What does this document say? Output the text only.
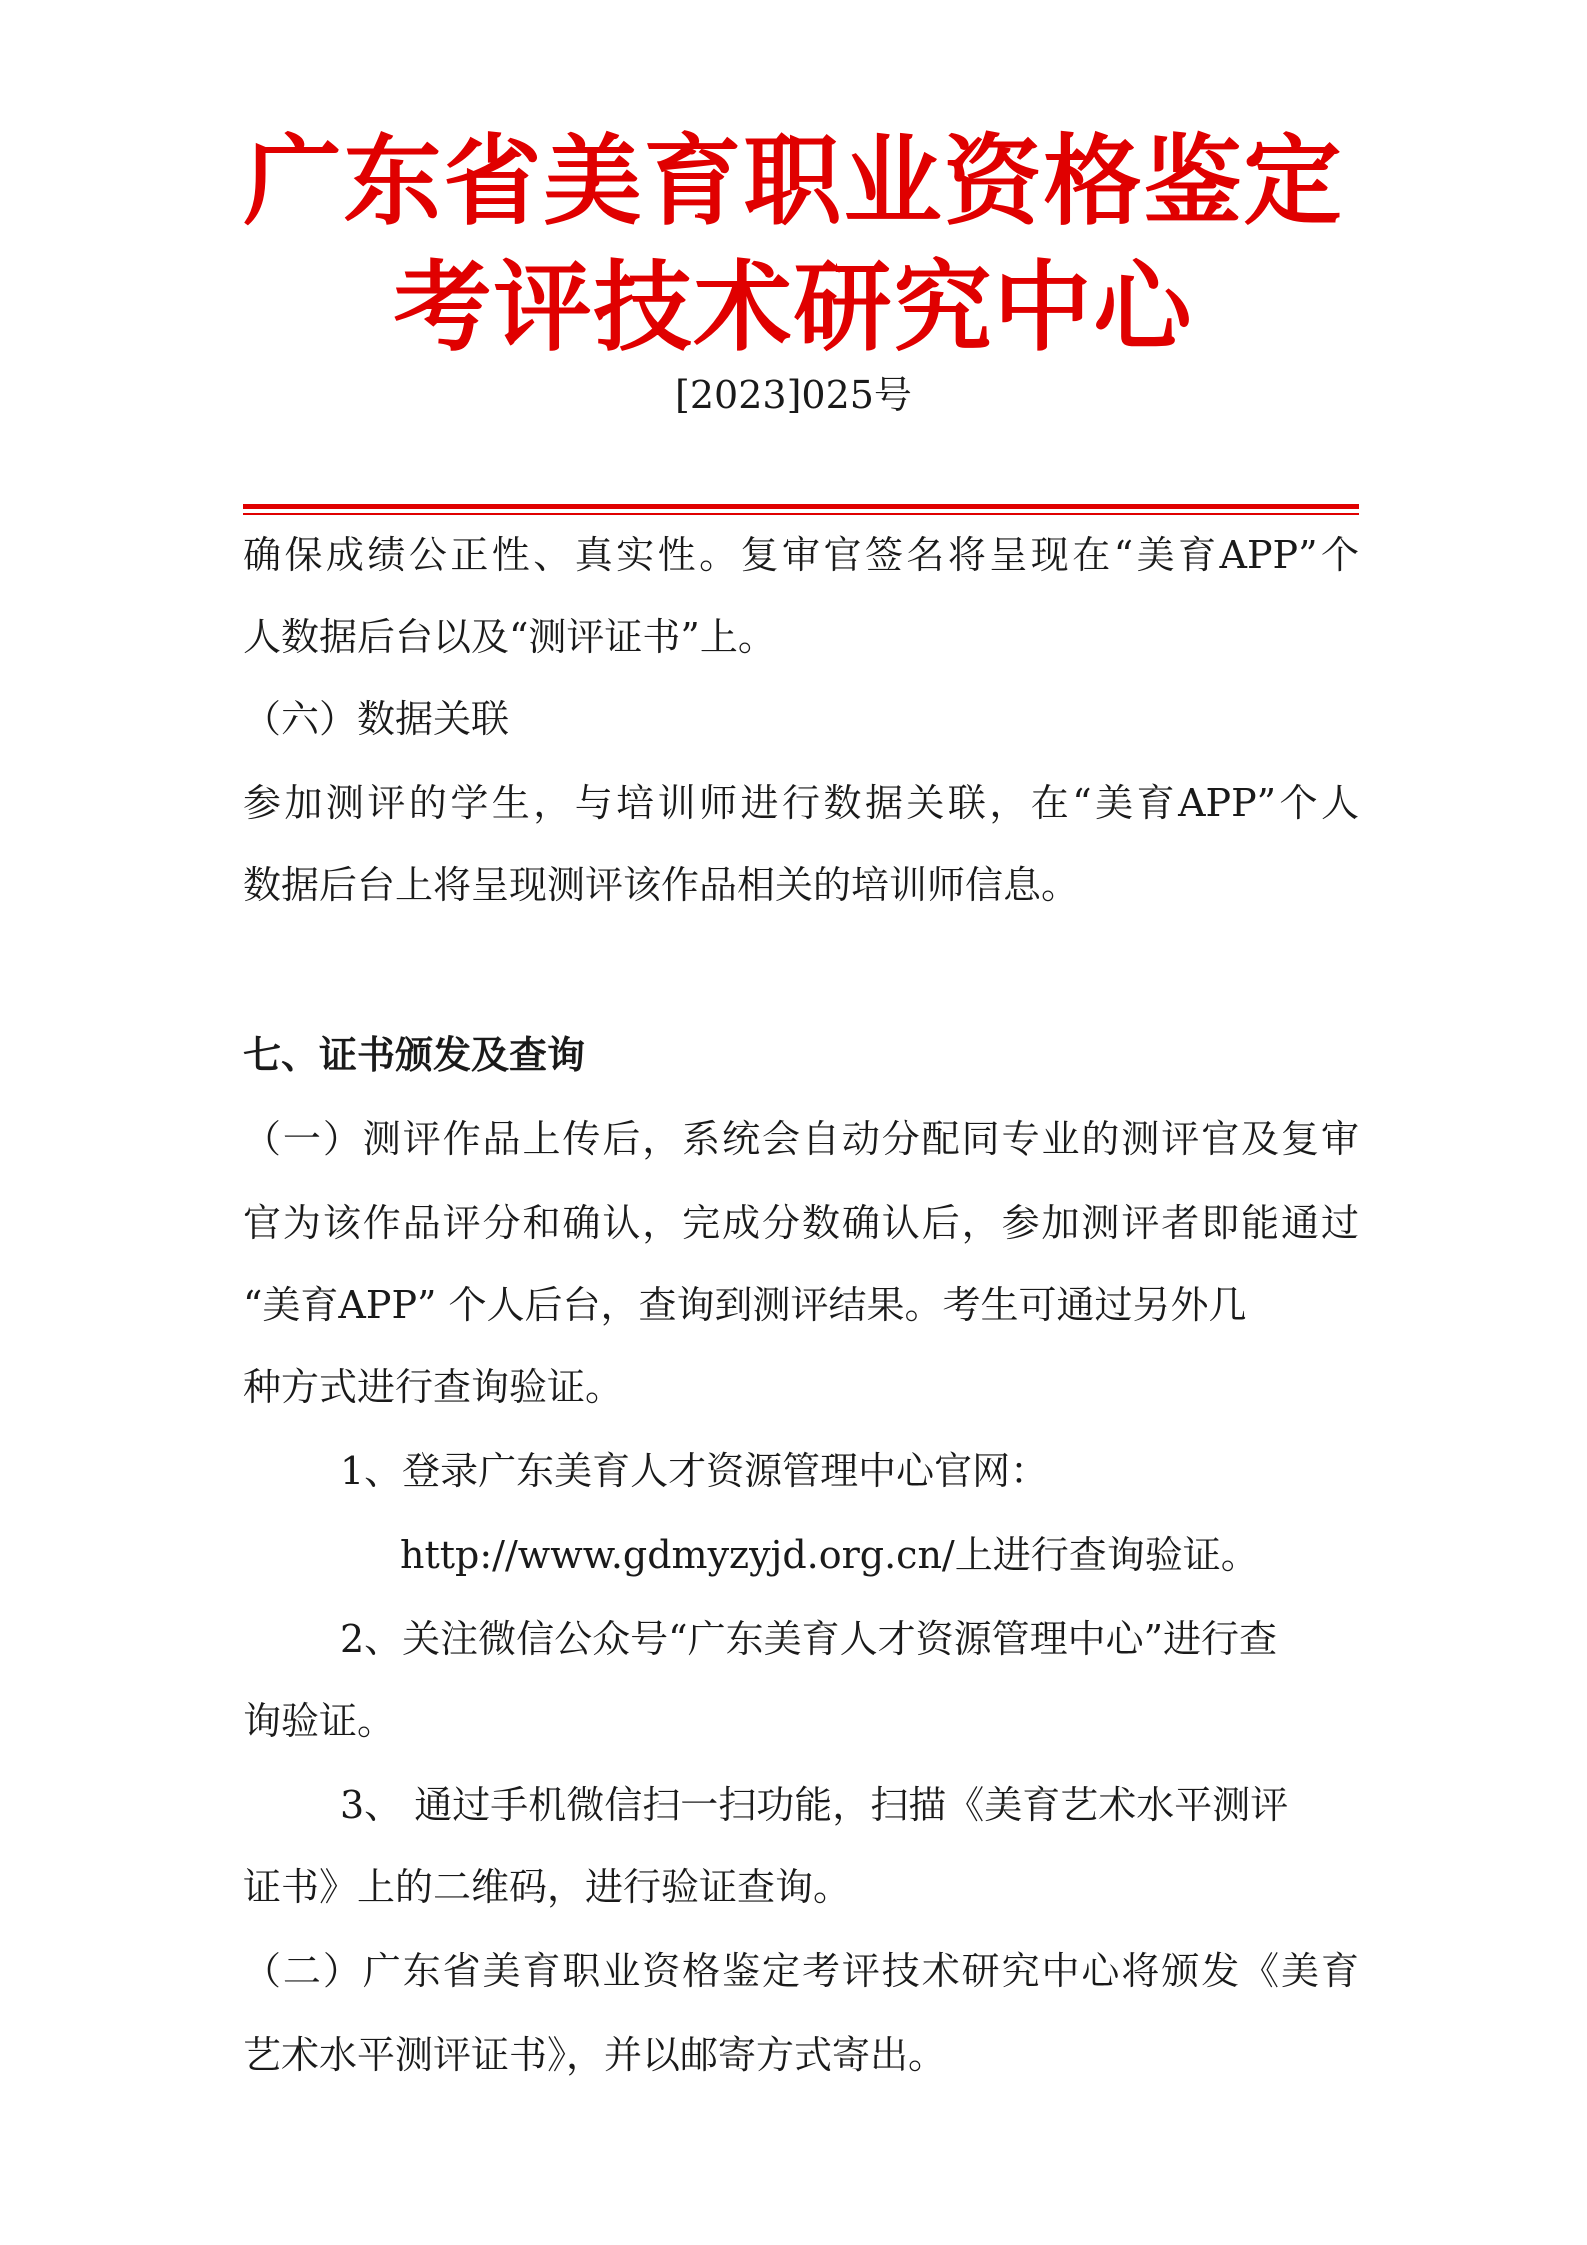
广东省美育职业资格鉴定
考评技术研究中心
[2023]025号
确保成绩公正性、真实性。复审官签名将呈现在“美育APP”个
人数据后台以及“测评证书”上。
（六）数据关联
参加测评的学生，与培训师进行数据关联，在“美育APP”个人
数据后台上将呈现测评该作品相关的培训师信息。
七、证书颁发及查询
（一）测评作品上传后，系统会自动分配同专业的测评官及复审
官为该作品评分和确认，完成分数确认后，参加测评者即能通过
“美育APP” 个人后台，查询到测评结果。考生可通过另外几
种方式进行查询验证。
1、登录广东美育人才资源管理中心官网：
http://www.gdmyzyjd.org.cn/上进行查询验证。
2、关注微信公众号“广东美育人才资源管理中心”进行查
询验证。
3、 通过手机微信扫一扫功能，扫描《美育艺术水平测评
证书》上的二维码，进行验证查询。
（二）广东省美育职业资格鉴定考评技术研究中心将颁发《美育
艺术水平测评证书》，并以邮寄方式寄出。
